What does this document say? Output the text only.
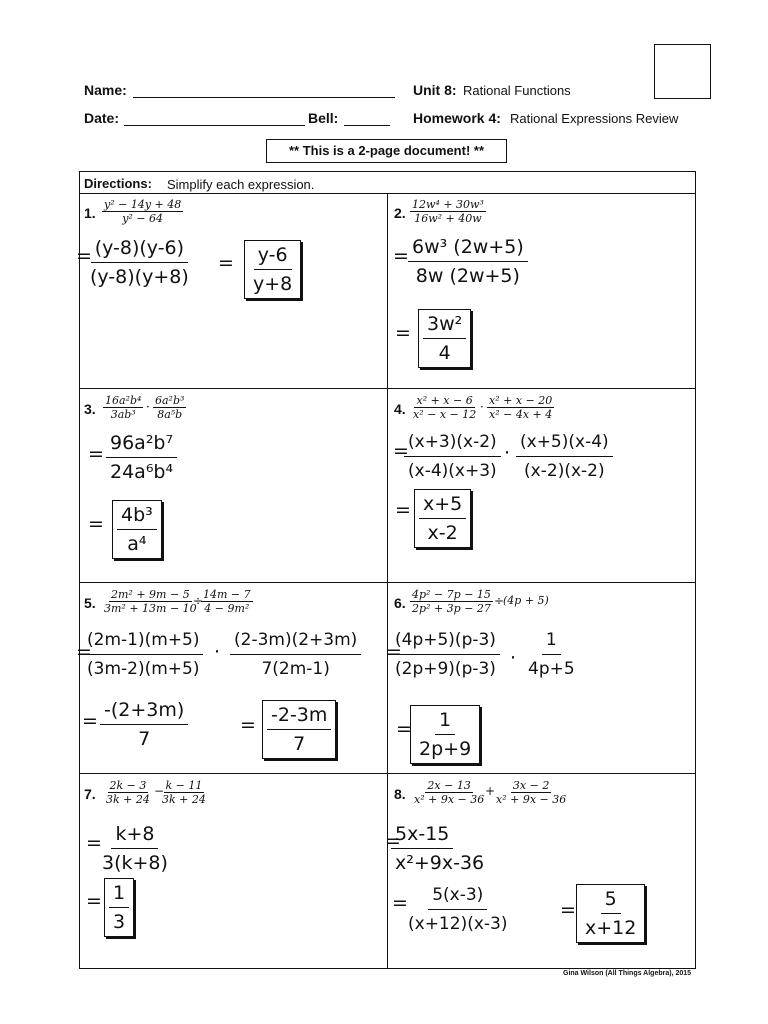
Name:
Date:	Bell:
Unit 8: Rational Functions
Homework 4: Rational Expressions Review
** This is a 2-page document! **
Directions: Simplify each expression.
1. $\frac{\text{y² − 14y + 48}}{\text{y² − 64}}$
=
$\frac{(y-8)(y-6)}{(y-8)(y+8)} = \frac{y-6}{y+8}$
2. $\frac{\text{12w⁴ + 30w³}}{\text{16w² + 40w}}$
= $\frac{\text{6w³ (2w+5)}}{8w (2w+5)}$
= $\frac{\text{3w²}}{4}$
3. $\frac{\text{16a²b⁴}}{\text{3ab³}} \cdot \frac{\text{6a²b³}}{\text{8a⁵b}}$
= $\frac{\text{96a²b⁷}}{\text{24a⁶b⁴}}$
= $\frac{\text{4b³}}{\text{a⁴}}$
4. $\frac{\text{x² + x − 6}}{\text{x² − x − 12}} \cdot \frac{\text{x² + x − 20}}{\text{x² − 4x + 4}}$
=
$\frac{(x+3)(x-2)}{(x-4)(x+3)} \cdot \frac{(x+5)(x-4)}{(x-2)(x-2)}$
= $\frac{x+5}{x-2}$
5. $\frac{\text{2m² + 9m − 5}}{\text{3m² + 13m − 10}}$
÷
$\frac{14m - 7}{\text{4 − 9m²}}$
=
$\frac{(2m-1)(m+5)}{(3m-2)(m+5)} \cdot \frac{(2-3m)(2+3m)}{7(2m-1)}$
= $\frac{-(2+3m)}{7}$	= $\frac{-2-3m}{7}$
6. $\frac{\text{4p² − 7p − 15}}{\text{2p² + 3p − 27}}$ ÷
(4p + 5)
=
$\frac{(4p+5)(p-3)}{(2p+9)(p-3)} \cdot \frac{1}{4p+5}$
=
$\frac{1}{2p+9}$
7. $\frac{2k - 3}{3k + 24}$ −
$\frac{k - 11}{3k + 24}$
=
$\frac{k+8}{3(k+8)}$
= $\frac{1}{3}$
8. $\frac{2x - 13}{\text{x² + 9x − 36}}$
+
$\frac{3x - 2}{\text{x² + 9x − 36}}$
=
$\frac{5x-15}{\text{x²+9x-36}}$
=
$\frac{5(x-3)}{(x+12)(x-3)}$	= $\frac{5}{x+12}$
Gina Wilson (All Things Algebra), 2015
